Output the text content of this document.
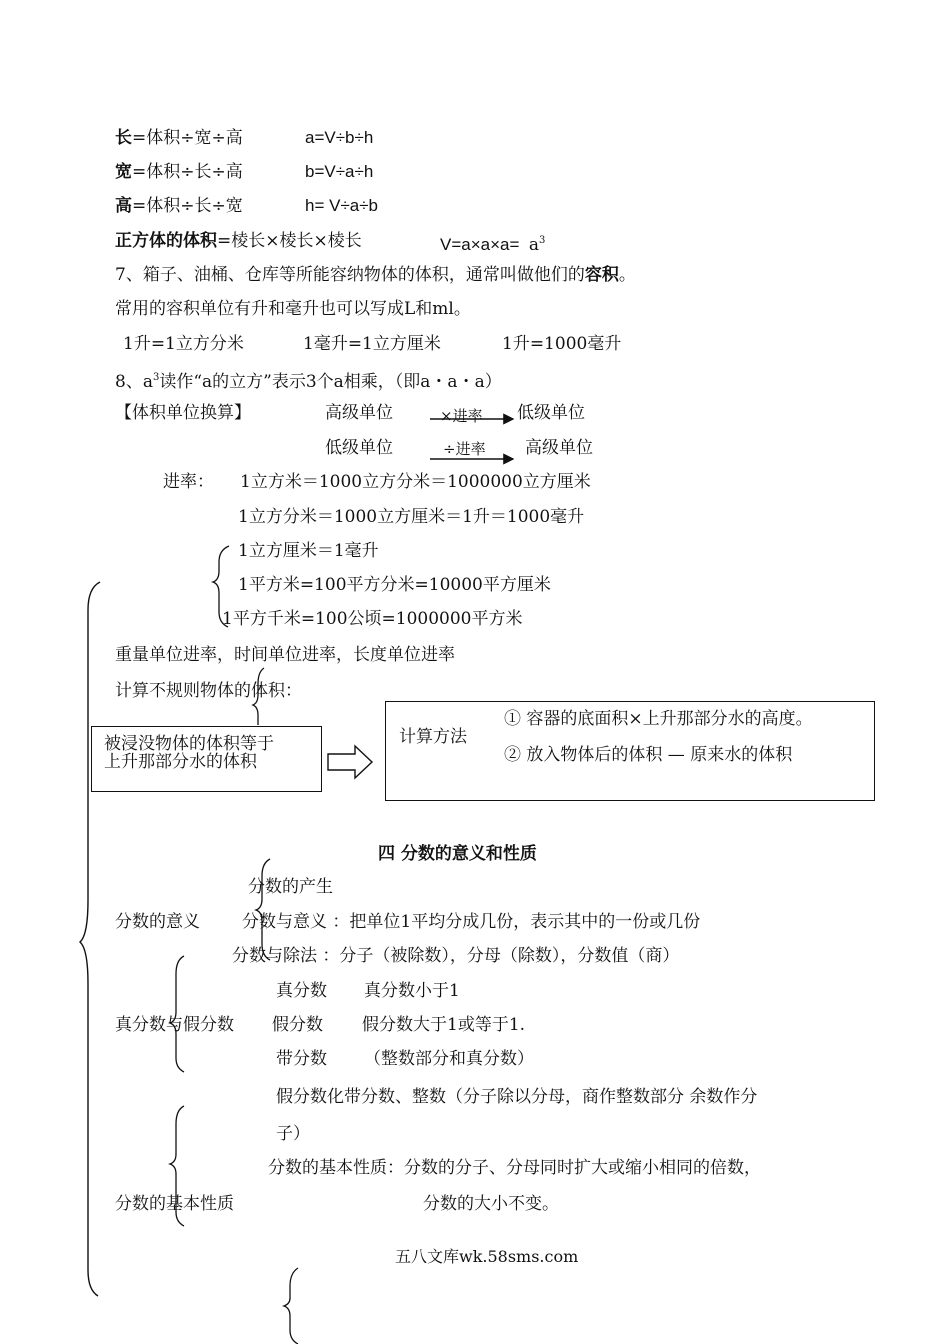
长=体积÷宽÷高	a=V÷b÷h
宽=体积÷长÷高	b=V÷a÷h
高=体积÷长÷宽	h= V÷a÷b
正方体的体积=棱长×棱长×棱长	$V=a\times a\times a= a^3$
7、箱子、油桶、仓库等所能容纳物体的体积，通常叫做他们的容积。
常用的容积单位有升和毫升也可以写成L和ml。
1升=1立方分米	1毫升=1立方厘米	1升=1000毫升
8、$a^3$读作“a的立方”表示3个a相乘，（即a・a・a）
【体积单位换算】	高级单位	×进率 低级单位
低级单位	÷进率 高级单位
进率： 1立方米＝1000立方分米＝1000000立方厘米
1立方分米＝1000立方厘米＝1升＝1000毫升
1立方厘米＝1毫升
1平方米=100平方分米=10000平方厘米
1平方千米=100公顷=1000000平方米
重量单位进率，时间单位进率，长度单位进率
计算不规则物体的体积：
被浸没物体的体积等于
上升那部分水的体积
计算方法
① 容器的底面积×上升那部分水的高度。
② 放入物体后的体积 — 原来水的体积
四 分数的意义和性质
分数的产生
分数的意义 分数与意义 ：把单位1平均分成几份，表示其中的一份或几份
分数与除法 ：分子（被除数），分母（除数），分数值（商）
真分数 真分数小于1
真分数与假分数 假分数 假分数大于1或等于1.
带分数 （整数部分和真分数）
假分数化带分数、整数（分子除以分母，商作整数部分 余数作分
子）
分数的基本性质：分数的分子、分母同时扩大或缩小相同的倍数，
分数的基本性质	分数的大小不变。
五八文库wk.58sms.com
